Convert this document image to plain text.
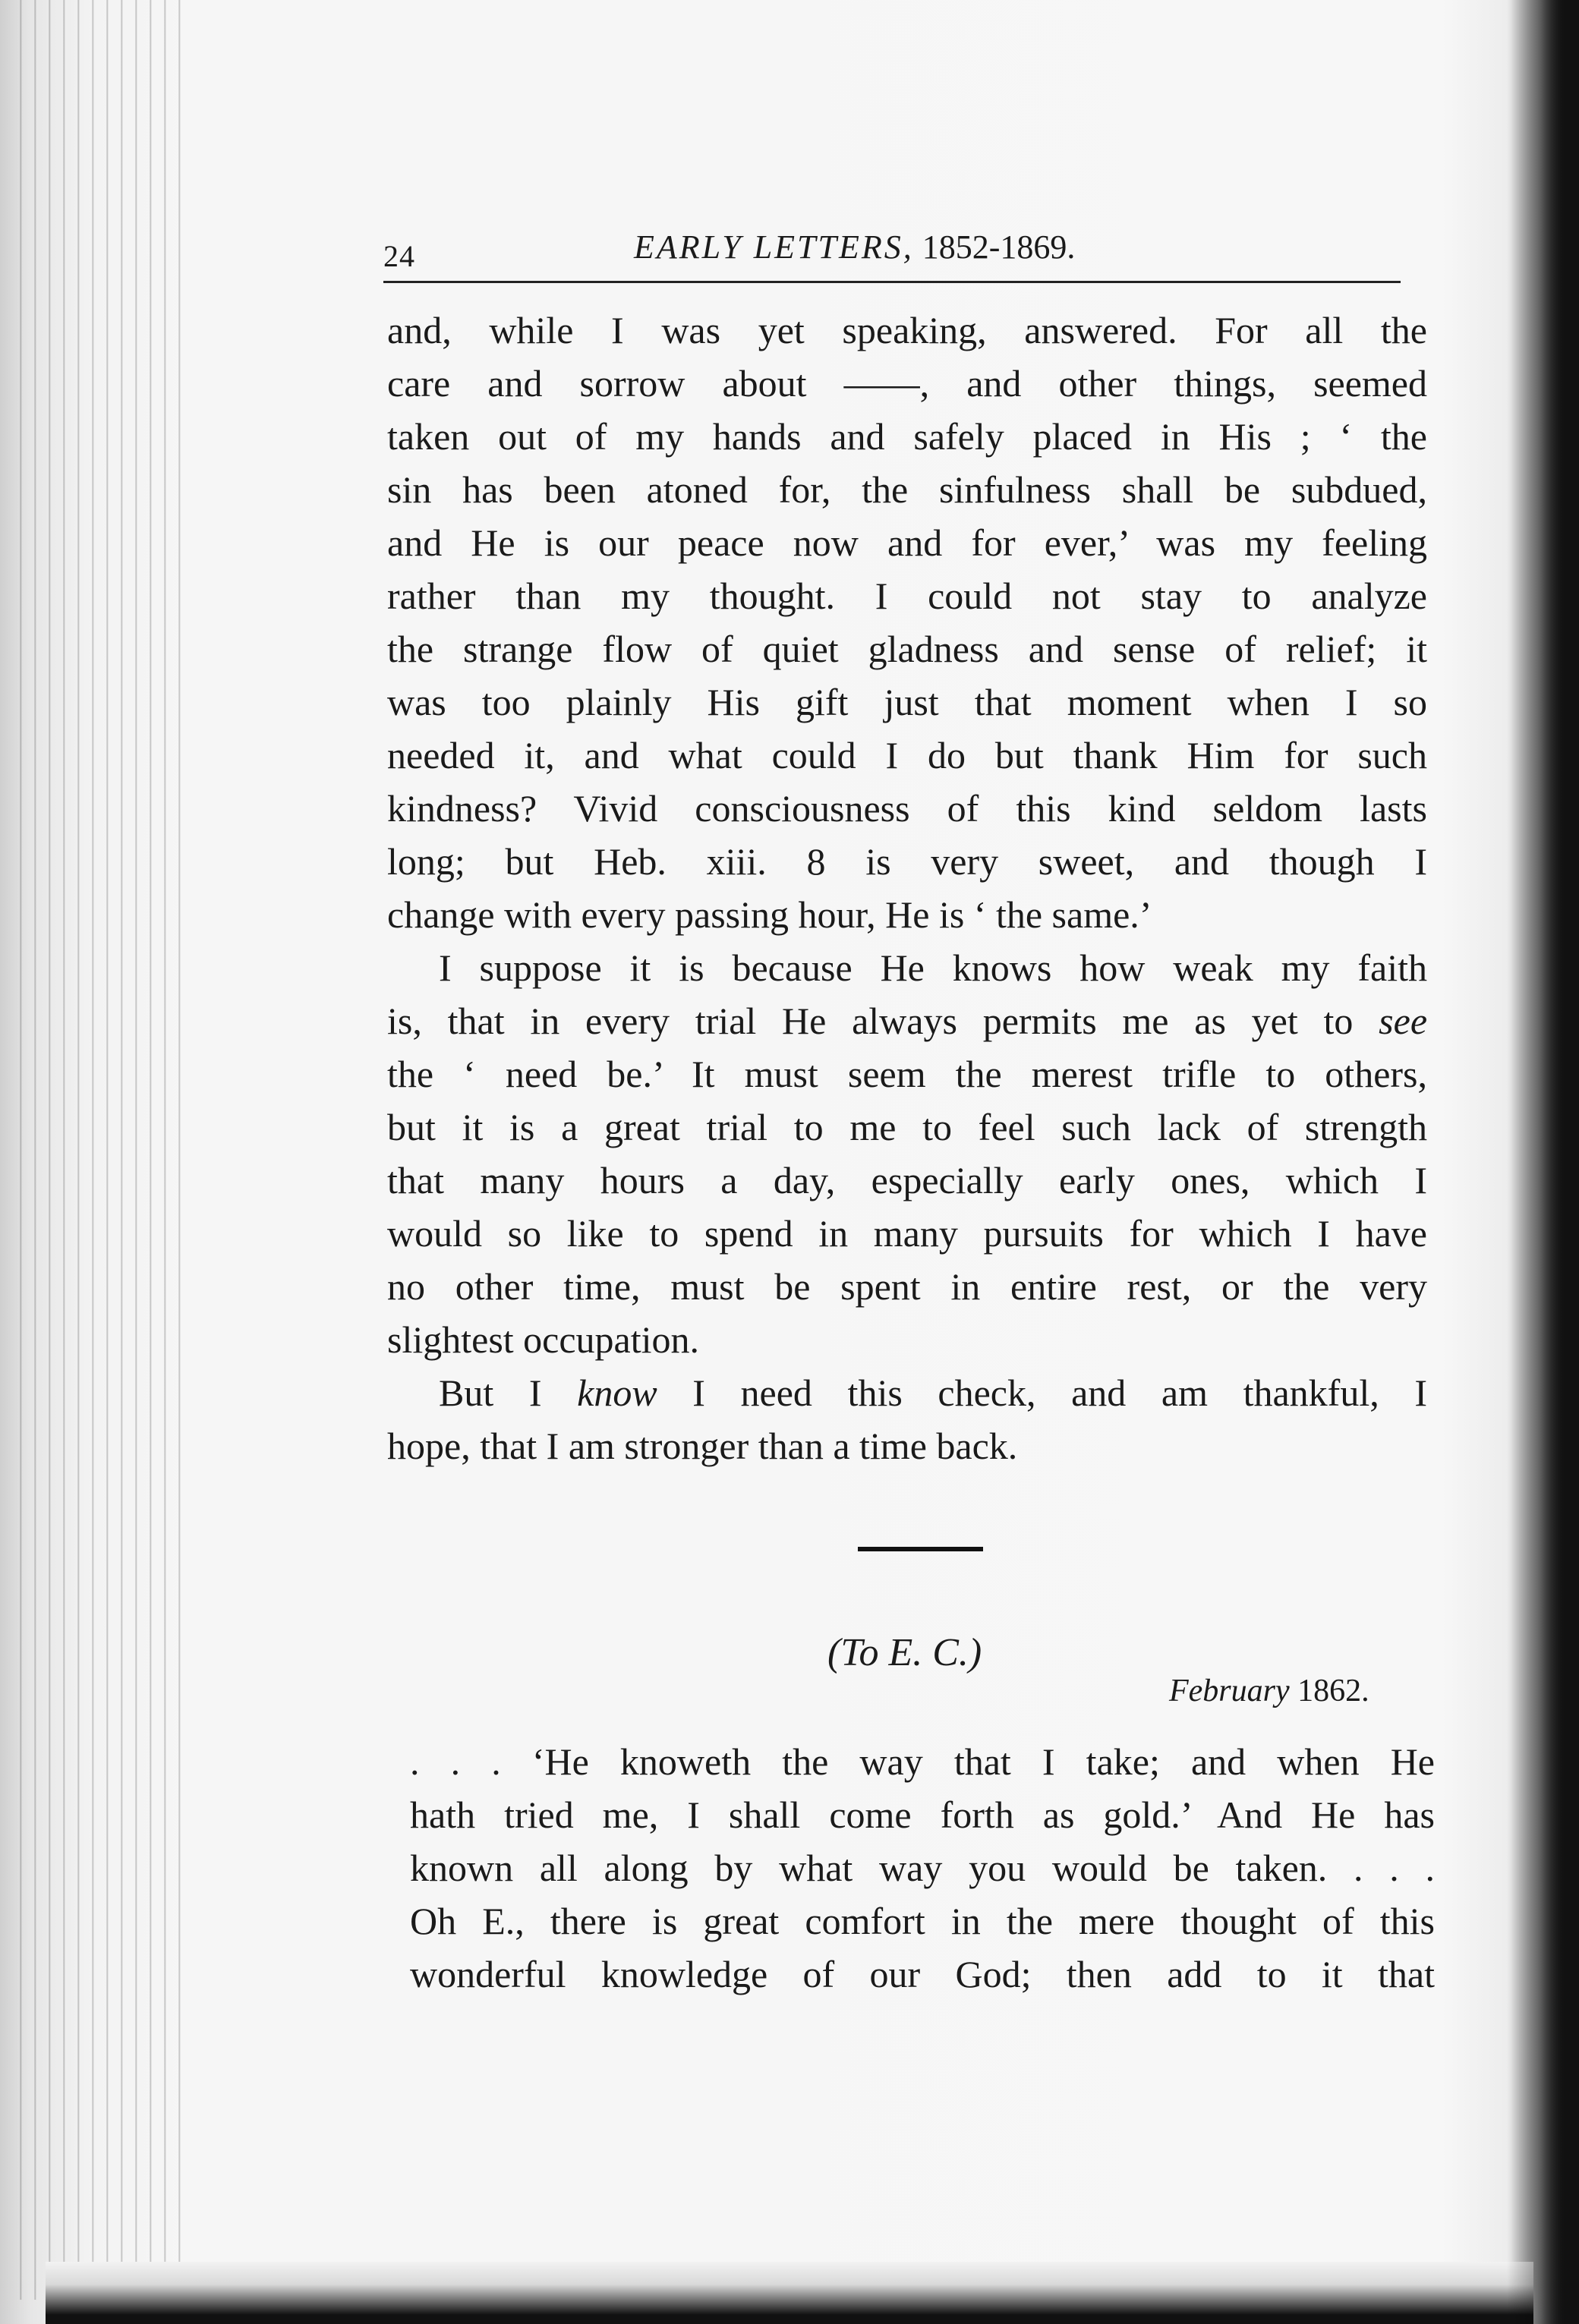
24	EARLY LETTERS, 1852-1869.

and, while I was yet speaking, answered. For all the
care and sorrow about ——, and other things, seemed
taken out of my hands and safely placed in His ; ‘ the
sin has been atoned for, the sinfulness shall be subdued,
and He is our peace now and for ever,’ was my feeling
rather than my thought. I could not stay to analyze
the strange flow of quiet gladness and sense of relief; it
was too plainly His gift just that moment when I so
needed it, and what could I do but thank Him for such
kindness? Vivid consciousness of this kind seldom lasts
long; but Heb. xiii. 8 is very sweet, and though I
change with every passing hour, He is ‘ the same.’

I suppose it is because He knows how weak my faith
is, that in every trial He always permits me as yet to see
the ‘ need be.’ It must seem the merest trifle to others,
but it is a great trial to me to feel such lack of strength
that many hours a day, especially early ones, which I
would so like to spend in many pursuits for which I have
no other time, must be spent in entire rest, or the very
slightest occupation.

But I know I need this check, and am thankful, I
hope, that I am stronger than a time back.

(To E. C.)
February 1862.
. . . ‘He knoweth the way that I take; and when He
hath tried me, I shall come forth as gold.’ And He has
known all along by what way you would be taken. . . .
Oh E., there is great comfort in the mere thought of this
wonderful knowledge of our God; then add to it that
